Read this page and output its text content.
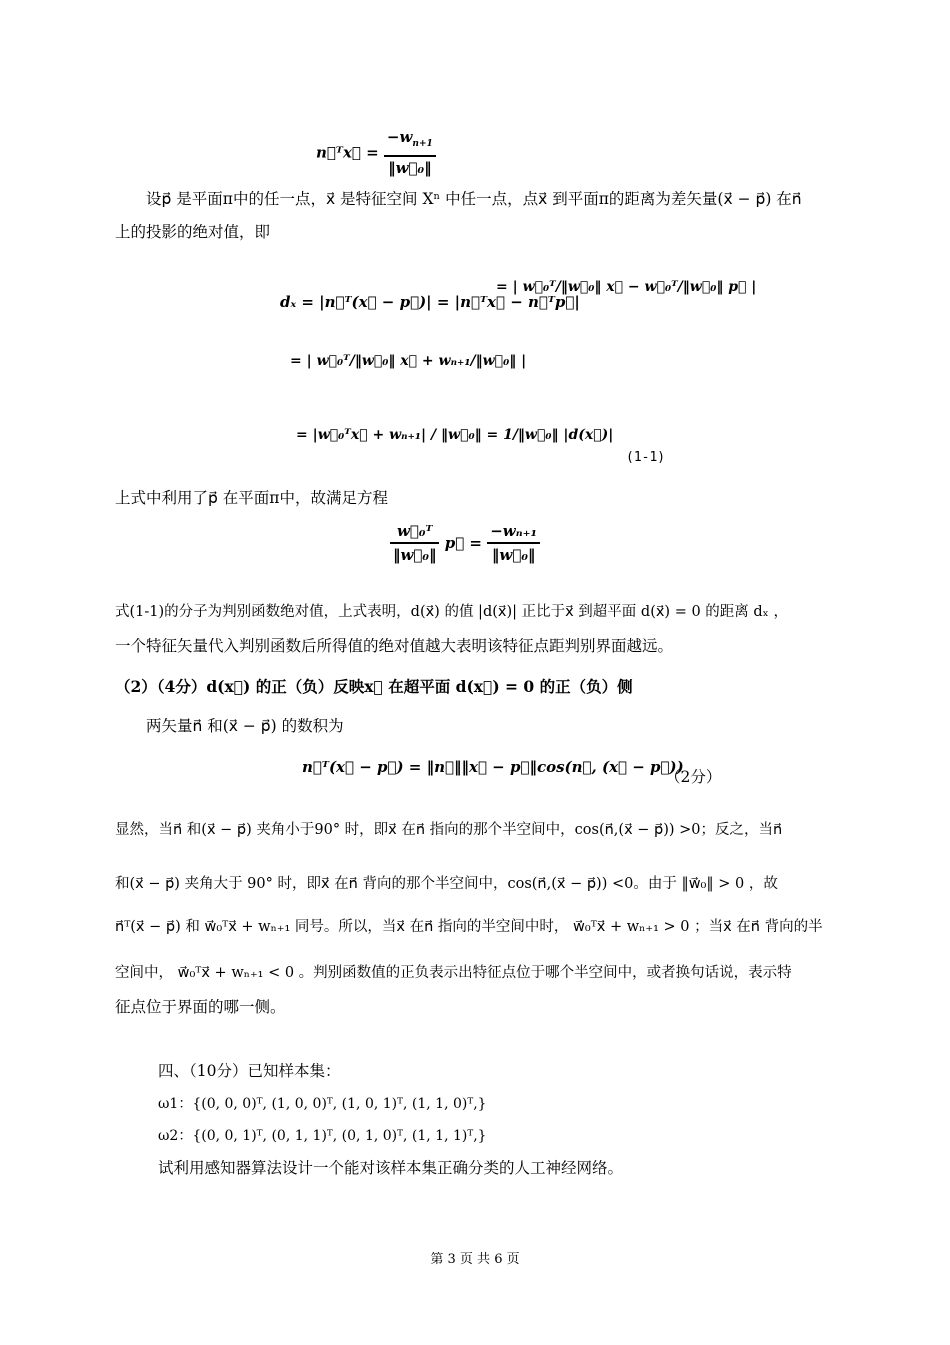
n⃗ᵀx⃗ = $\frac{-w_{n+1}}{\text{‖w⃗₀‖}}$
设p⃗ 是平面π中的任一点，x⃗ 是特征空间 Xⁿ 中任一点，点x⃗ 到平面π的距离为差矢量(x⃗ − p⃗) 在n⃗
上的投影的绝对值，即
dₓ = |n⃗ᵀ(x⃗ − p⃗)| = |n⃗ᵀx⃗ − n⃗ᵀp⃗|
= | w⃗₀ᵀ/‖w⃗₀‖ x⃗ − w⃗₀ᵀ/‖w⃗₀‖ p⃗ |
= | w⃗₀ᵀ/‖w⃗₀‖ x⃗ + wₙ₊₁/‖w⃗₀‖ |
= |w⃗₀ᵀx⃗ + wₙ₊₁| / ‖w⃗₀‖ = 1/‖w⃗₀‖ |d(x⃗)|
(1-1)
上式中利用了p⃗ 在平面π中，故满足方程
$\frac{\text{w⃗₀ᵀ}}{\text{‖w⃗₀‖}}$ p⃗ = $\frac{\text{−wₙ₊₁}}{\text{‖w⃗₀‖}}$
式(1-1)的分子为判别函数绝对值，上式表明，d(x⃗) 的值 |d(x⃗)| 正比于x⃗ 到超平面 d(x⃗) = 0 的距离 dₓ ，
一个特征矢量代入判别函数后所得值的绝对值越大表明该特征点距判别界面越远。
（2）（4分）d(x⃗) 的正（负）反映x⃗ 在超平面 d(x⃗) = 0 的正（负）侧
两矢量n⃗ 和(x⃗ − p⃗) 的数积为
n⃗ᵀ(x⃗ − p⃗) = ‖n⃗‖‖x⃗ − p⃗‖cos(n⃗, (x⃗ − p⃗))
（2分）
显然，当n⃗ 和(x⃗ − p⃗) 夹角小于90° 时，即x⃗ 在n⃗ 指向的那个半空间中，cos(n⃗,(x⃗ − p⃗)) >0；反之，当n⃗
和(x⃗ − p⃗) 夹角大于 90° 时，即x⃗ 在n⃗ 背向的那个半空间中，cos(n⃗,(x⃗ − p⃗)) <0。由于 ‖w⃗₀‖ > 0 ，故
n⃗ᵀ(x⃗ − p⃗) 和 w⃗₀ᵀx⃗ + wₙ₊₁ 同号。所以，当x⃗ 在n⃗ 指向的半空间中时， w⃗₀ᵀx⃗ + wₙ₊₁ > 0 ；当x⃗ 在n⃗ 背向的半
空间中， w⃗₀ᵀx⃗ + wₙ₊₁ < 0 。判别函数值的正负表示出特征点位于哪个半空间中，或者换句话说，表示特
征点位于界面的哪一侧。
四、（10分）已知样本集：
ω1：{(0, 0, 0)ᵀ, (1, 0, 0)ᵀ, (1, 0, 1)ᵀ, (1, 1, 0)ᵀ,}
ω2：{(0, 0, 1)ᵀ, (0, 1, 1)ᵀ, (0, 1, 0)ᵀ, (1, 1, 1)ᵀ,}
试利用感知器算法设计一个能对该样本集正确分类的人工神经网络。
第 3 页 共 6 页
